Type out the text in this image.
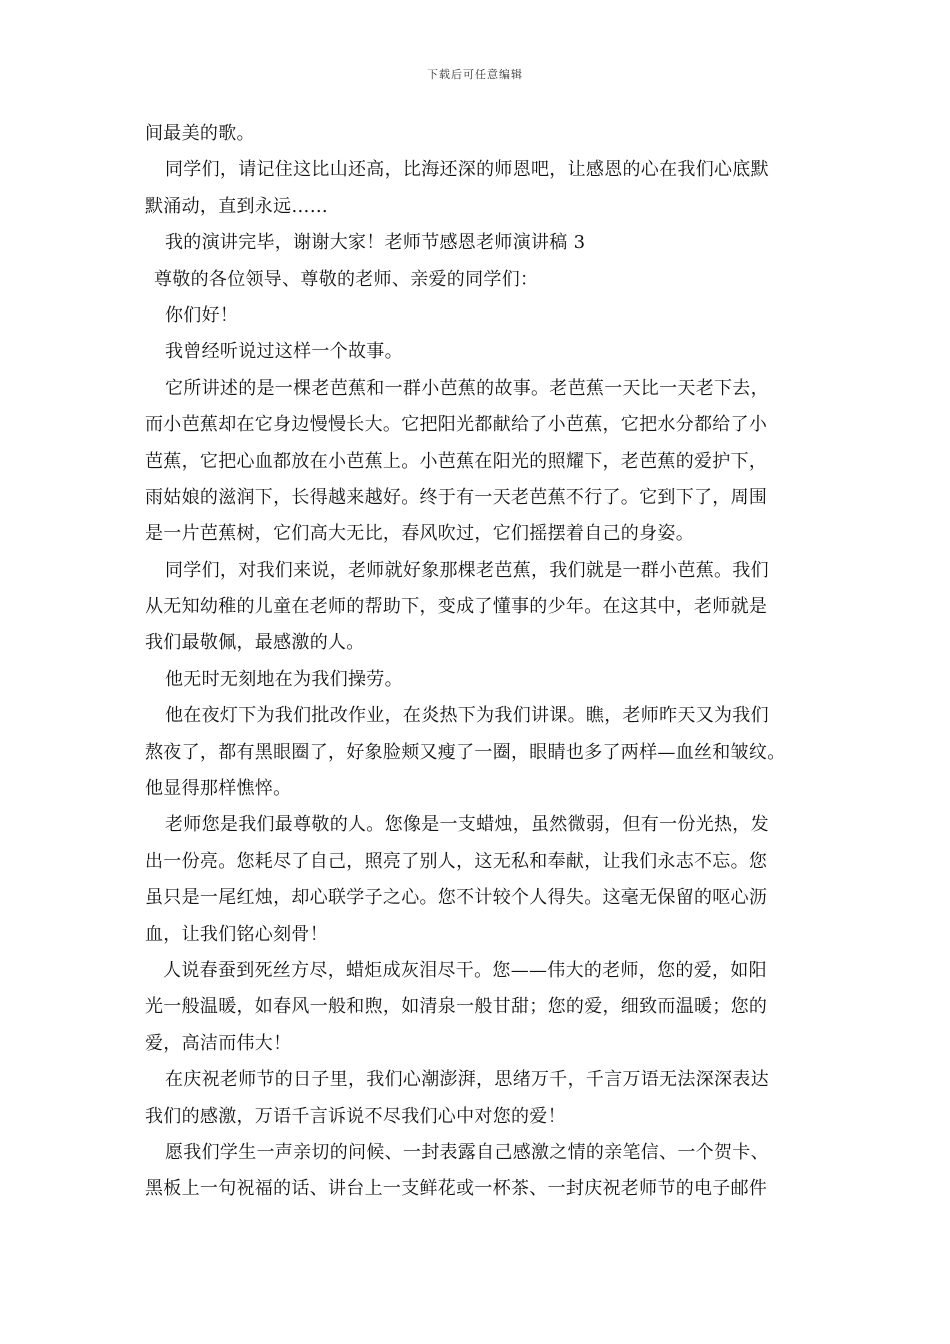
下载后可任意编辑
间最美的歌。
同学们，请记住这比山还高，比海还深的师恩吧，让感恩的心在我们心底默
默涌动，直到永远……
我的演讲完毕，谢谢大家！老师节感恩老师演讲稿 3
尊敬的各位领导、尊敬的老师、亲爱的同学们：
你们好！
我曾经听说过这样一个故事。
它所讲述的是一棵老芭蕉和一群小芭蕉的故事。老芭蕉一天比一天老下去，
而小芭蕉却在它身边慢慢长大。它把阳光都献给了小芭蕉，它把水分都给了小
芭蕉，它把心血都放在小芭蕉上。小芭蕉在阳光的照耀下，老芭蕉的爱护下，
雨姑娘的滋润下，长得越来越好。终于有一天老芭蕉不行了。它到下了，周围
是一片芭蕉树，它们高大无比，春风吹过，它们摇摆着自己的身姿。
同学们，对我们来说，老师就好象那棵老芭蕉，我们就是一群小芭蕉。我们
从无知幼稚的儿童在老师的帮助下，变成了懂事的少年。在这其中，老师就是
我们最敬佩，最感激的人。
他无时无刻地在为我们操劳。
他在夜灯下为我们批改作业，在炎热下为我们讲课。瞧，老师昨天又为我们
熬夜了，都有黑眼圈了，好象脸颊又瘦了一圈，眼睛也多了两样—血丝和皱纹。
他显得那样憔悴。
老师您是我们最尊敬的人。您像是一支蜡烛，虽然微弱，但有一份光热，发
出一份亮。您耗尽了自己，照亮了别人，这无私和奉献，让我们永志不忘。您
虽只是一尾红烛，却心联学子之心。您不计较个人得失。这毫无保留的呕心沥
血，让我们铭心刻骨！
人说春蚕到死丝方尽，蜡炬成灰泪尽干。您——伟大的老师，您的爱，如阳
光一般温暖，如春风一般和煦，如清泉一般甘甜；您的爱，细致而温暖；您的
爱，高洁而伟大！
在庆祝老师节的日子里，我们心潮澎湃，思绪万千，千言万语无法深深表达
我们的感激，万语千言诉说不尽我们心中对您的爱！
愿我们学生一声亲切的问候、一封表露自己感激之情的亲笔信、一个贺卡、
黑板上一句祝福的话、讲台上一支鲜花或一杯茶、一封庆祝老师节的电子邮件
